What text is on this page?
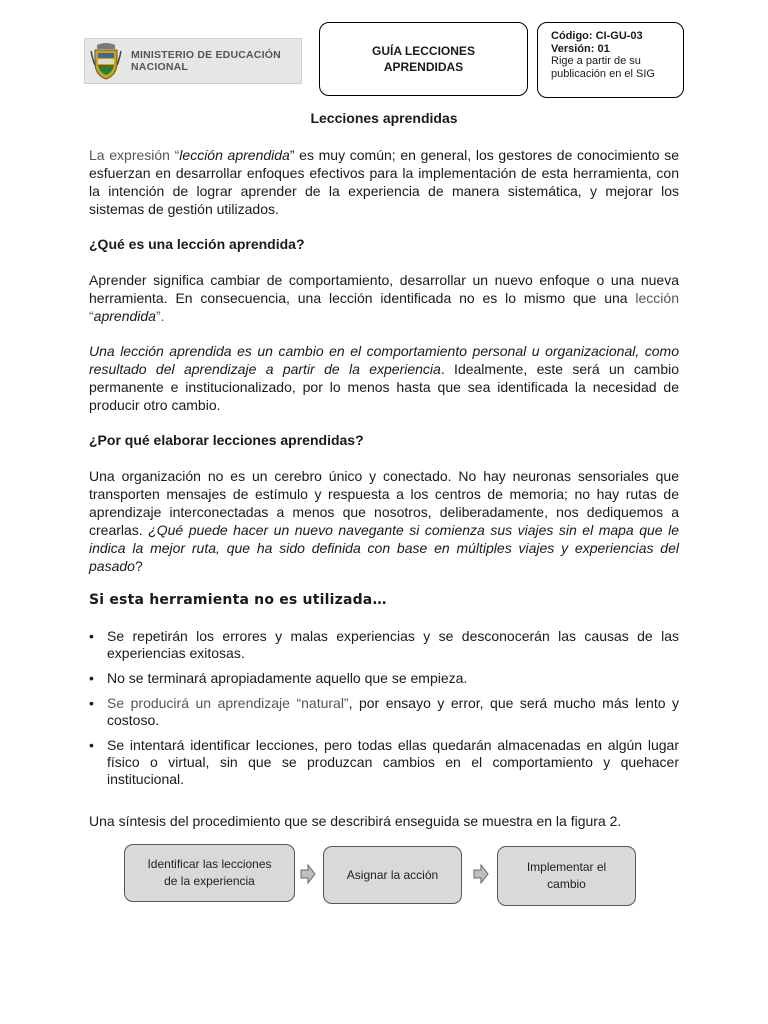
MINISTERIO DE EDUCACIÓN
NACIONAL
GUÍA LECCIONES
APRENDIDAS
Código: CI-GU-03
Versión: 01
Rige a partir de su
publicación en el SIG
Lecciones aprendidas
La expresión “lección aprendida” es muy común; en general, los gestores de conocimiento se esfuerzan en desarrollar enfoques efectivos para la implementación de esta herramienta, con la intención de lograr aprender de la experiencia de manera sistemática, y mejorar los sistemas de gestión utilizados.
¿Qué es una lección aprendida?
Aprender significa cambiar de comportamiento, desarrollar un nuevo enfoque o una nueva herramienta. En consecuencia, una lección identificada no es lo mismo que una lección “aprendida”.
Una lección aprendida es un cambio en el comportamiento personal u organizacional, como resultado del aprendizaje a partir de la experiencia. Idealmente, este será un cambio permanente e institucionalizado, por lo menos hasta que sea identificada la necesidad de producir otro cambio.
¿Por qué elaborar lecciones aprendidas?
Una organización no es un cerebro único y conectado. No hay neuronas sensoriales que transporten mensajes de estímulo y respuesta a los centros de memoria; no hay rutas de aprendizaje interconectadas a menos que nosotros, deliberadamente, nos dediquemos a crearlas. ¿Qué puede hacer un nuevo navegante si comienza sus viajes sin el mapa que le indica la mejor ruta, que ha sido definida con base en múltiples viajes y experiencias del pasado?
Si esta herramienta no es utilizada…
• Se repetirán los errores y malas experiencias y se desconocerán las causas de las experiencias exitosas.
• No se terminará apropiadamente aquello que se empieza.
• Se producirá un aprendizaje “natural”, por ensayo y error, que será mucho más lento y costoso.
• Se intentará identificar lecciones, pero todas ellas quedarán almacenadas en algún lugar físico o virtual, sin que se produzcan cambios en el comportamiento y quehacer institucional.
Una síntesis del procedimiento que se describirá enseguida se muestra en la figura 2.
Identificar las lecciones
de la experiencia	Asignar la acción
Implementar el
cambio
